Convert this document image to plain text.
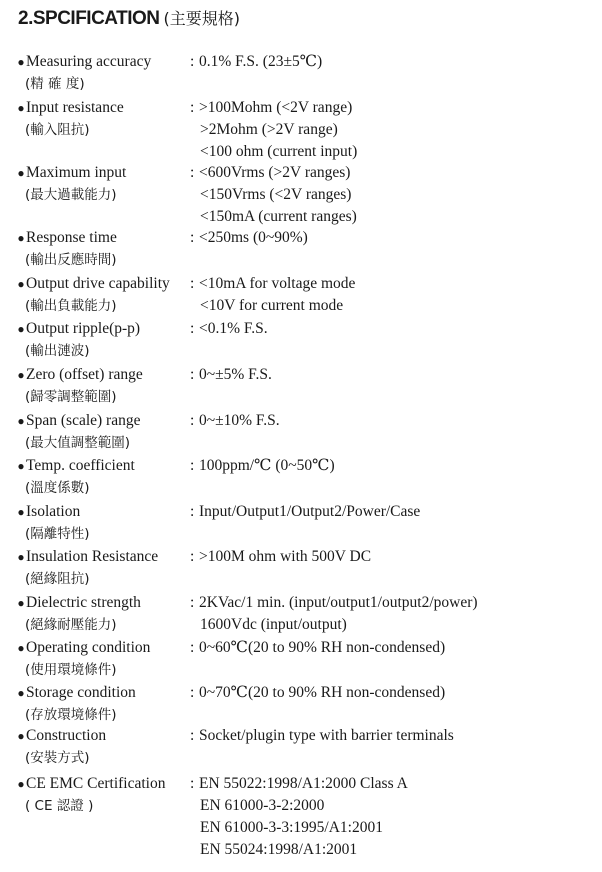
2.SPCIFICATION (主要規格)
● Measuring accuracy	: 0.1% F.S. (23±5℃)
(精 確 度)
● Input resistance	: >100Mohm (<2V range)
(輸入阻抗)	>2Mohm (>2V range)
<100 ohm (current input)
● Maximum input	: <600Vrms (>2V ranges)
(最大過載能力)	<150Vrms (<2V ranges)
<150mA (current ranges)
● Response time	: <250ms (0~90%)
(輸出反應時間)
● Output drive capability : <10mA for voltage mode
(輸出負載能力)	<10V for current mode
● Output ripple(p-p)	: <0.1% F.S.
(輸出漣波)
● Zero (offset) range	: 0~±5% F.S.
(歸零調整範圍)
● Span (scale) range	: 0~±10% F.S.
(最大值調整範圍)
● Temp. coefficient	: 100ppm/℃ (0~50℃)
(溫度係數)
● Isolation	: Input/Output1/Output2/Power/Case
(隔離特性)
● Insulation Resistance : >100M ohm with 500V DC
(絕緣阻抗)
● Dielectric strength	: 2KVac/1 min. (input/output1/output2/power)
(絕緣耐壓能力)	1600Vdc (input/output)
● Operating condition	: 0~60℃(20 to 90% RH non-condensed)
(使用環境條件)
● Storage condition	: 0~70℃(20 to 90% RH non-condensed)
(存放環境條件)
● Construction	: Socket/plugin type with barrier terminals
(安裝方式)
● CE EMC Certification : EN 55022:1998/A1:2000 Class A
( CE 認證 )	EN 61000-3-2:2000
EN 61000-3-3:1995/A1:2001
EN 55024:1998/A1:2001
